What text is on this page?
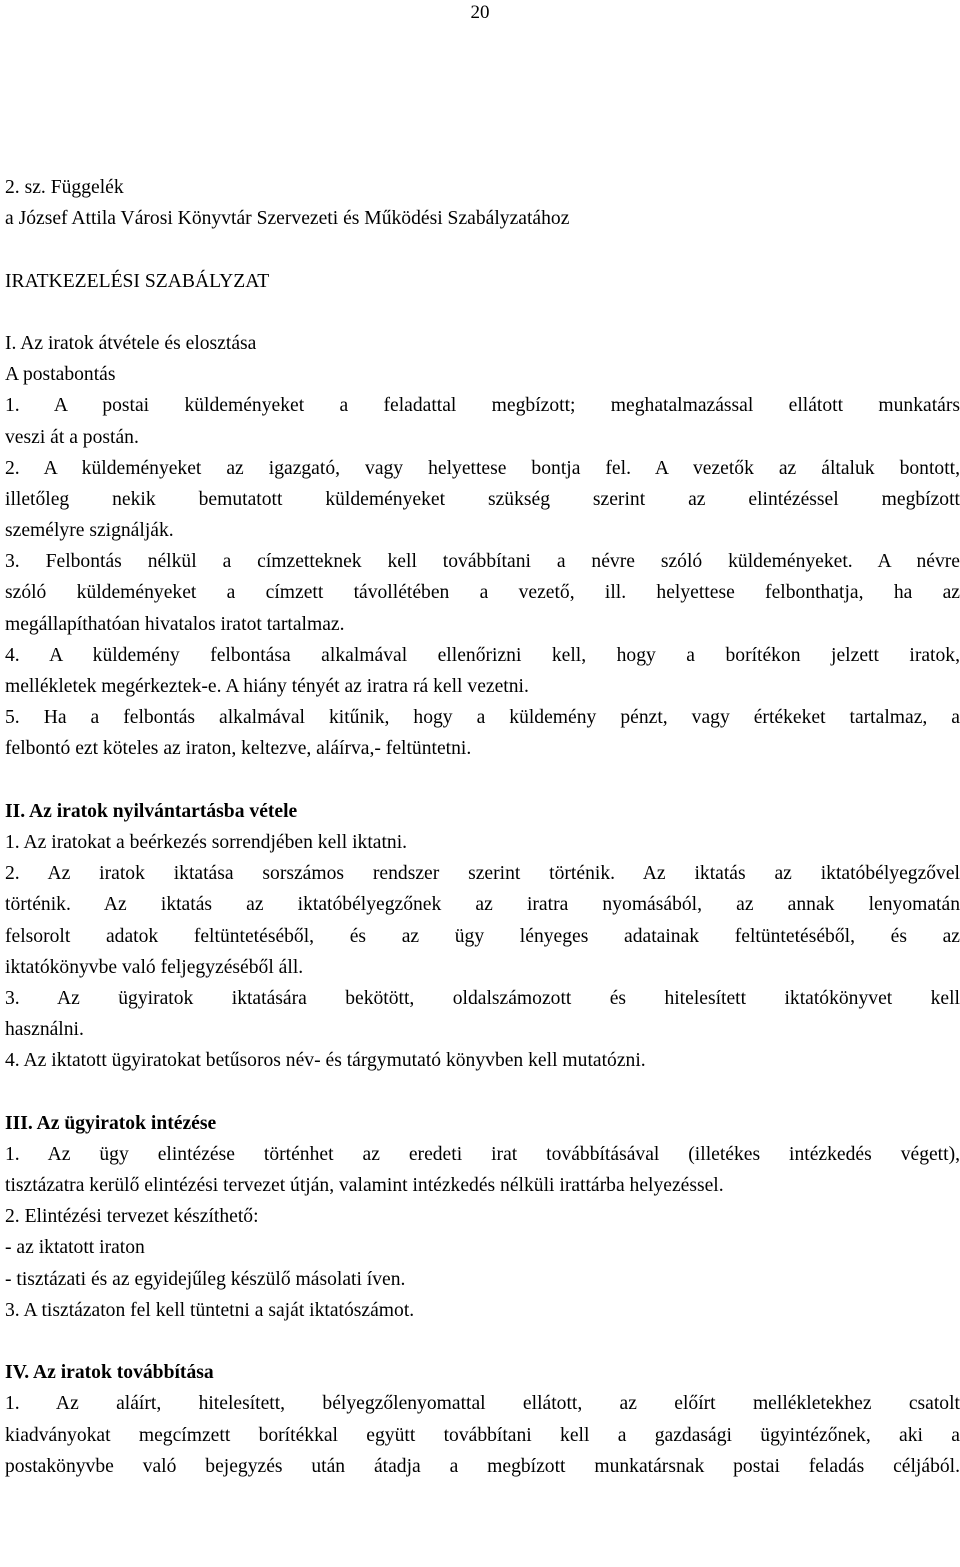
20
2. sz. Függelék
a József Attila Városi Könyvtár Szervezeti és Működési Szabályzatához
IRATKEZELÉSI SZABÁLYZAT
I. Az iratok átvétele és elosztása
A postabontás
1. A postai küldeményeket a feladattal megbízott; meghatalmazással ellátott munkatárs
veszi át a postán.
2. A küldeményeket az igazgató, vagy helyettese bontja fel. A vezetők az általuk bontott,
illetőleg nekik bemutatott küldeményeket szükség szerint az elintézéssel megbízott
személyre szignálják.
3. Felbontás nélkül a címzetteknek kell továbbítani a névre szóló küldeményeket. A névre
szóló küldeményeket a címzett távollétében a vezető, ill. helyettese felbonthatja, ha az
megállapíthatóan hivatalos iratot tartalmaz.
4. A küldemény felbontása alkalmával ellenőrizni kell, hogy a borítékon jelzett iratok,
mellékletek megérkeztek-e. A hiány tényét az iratra rá kell vezetni.
5. Ha a felbontás alkalmával kitűnik, hogy a küldemény pénzt, vagy értékeket tartalmaz, a
felbontó ezt köteles az iraton, keltezve, aláírva,- feltüntetni.
II. Az iratok nyilvántartásba vétele
1. Az iratokat a beérkezés sorrendjében kell iktatni.
2. Az iratok iktatása sorszámos rendszer szerint történik. Az iktatás az iktatóbélyegzővel
történik. Az iktatás az iktatóbélyegzőnek az iratra nyomásából, az annak lenyomatán
felsorolt adatok feltüntetéséből, és az ügy lényeges adatainak feltüntetéséből, és az
iktatókönyvbe való feljegyzéséből áll.
3. Az ügyiratok iktatására bekötött, oldalszámozott és hitelesített iktatókönyvet kell
használni.
4. Az iktatott ügyiratokat betűsoros név- és tárgymutató könyvben kell mutatózni.
III. Az ügyiratok intézése
1. Az ügy elintézése történhet az eredeti irat továbbításával (illetékes intézkedés végett),
tisztázatra kerülő elintézési tervezet útján, valamint intézkedés nélküli irattárba helyezéssel.
2. Elintézési tervezet készíthető:
- az iktatott iraton
- tisztázati és az egyidejűleg készülő másolati íven.
3. A tisztázaton fel kell tüntetni a saját iktatószámot.
IV. Az iratok továbbítása
1. Az aláírt, hitelesített, bélyegzőlenyomattal ellátott, az előírt mellékletekhez csatolt
kiadványokat megcímzett borítékkal együtt továbbítani kell a gazdasági ügyintézőnek, aki a
postakönyvbe való bejegyzés után átadja a megbízott munkatársnak postai feladás céljából.
